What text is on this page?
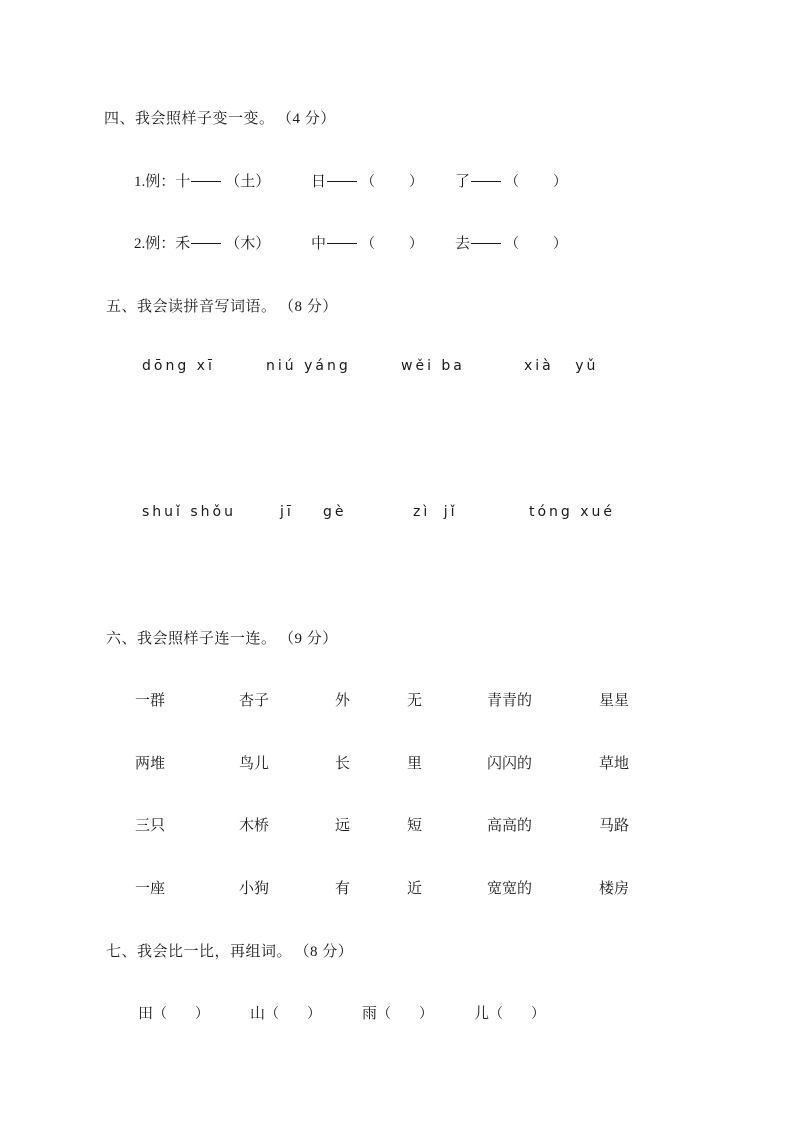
四、我会照样子变一变。 （4 分）
1.例：十 （土）	日	（ ） 了	（ ）
2.例：禾 （木）	中	（ ） 去	（ ）
五、我会读拼音写词语。 （8 分）
dōng xī	niú yáng	wěi ba	xià yǔ
shuǐ shǒu	jī gè	zì jǐ	tóng xué
六、我会照样子连一连。 （9 分）
一群	杏子	外	无	青青的	星星
两堆	鸟儿	长	里	闪闪的	草地
三只	木桥	远	短	高高的	马路
一座	小狗	有	近	宽宽的	楼房
七、我会比一比，再组词。 （8 分）
田（ ）	山（ ）	雨（ ）	儿（ ）
